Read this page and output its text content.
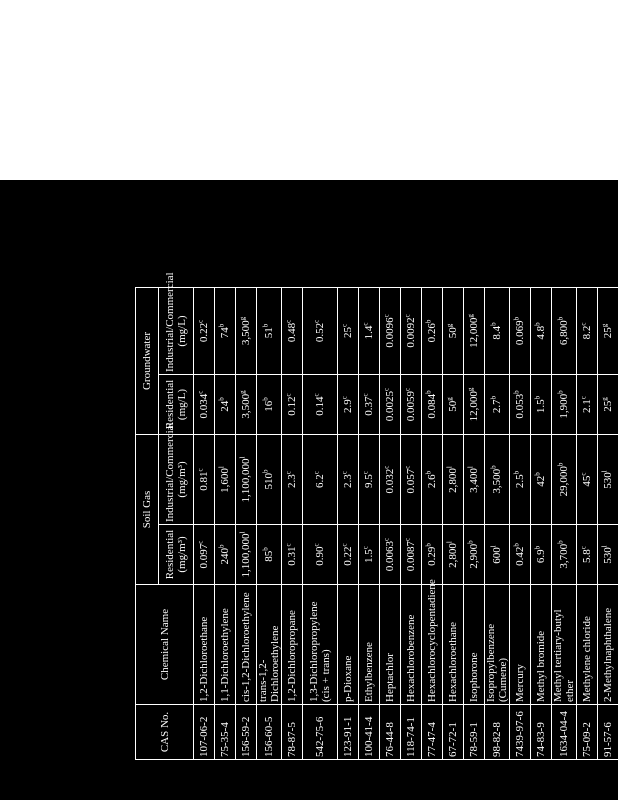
CAS No.	Chemical Name	Soil Gas		Groundwater	
		Residential (mg/m³)	Industrial/Commercial (mg/m³)	Residential (mg/L)	Industrial/Commercial (mg/L)
107-06-2	1,2-Dichloroethane	0.097$^c$	0.81$^c$	0.034$^c$	0.22$^c$
75-35-4	1,1-Dichloroethylene	240$^b$	1,600$^l$	24$^b$	74$^b$
156-59-2	cis-1,2-Dichloroethylene	1,100,000$^l$	1,100,000$^l$	3,500$^g$	3,500$^g$
156-60-5	trans-1,2-Dichloroethylene	85$^b$	510$^b$	16$^b$	51$^b$
78-87-5	1,2-Dichloropropane	0.31$^c$	2.3$^c$	0.12$^c$	0.48$^c$
542-75-6	1,3-Dichloropropylene (cis + trans)	0.90$^c$	6.2$^c$	0.14$^c$	0.52$^c$
123-91-1	p-Dioxane	0.22$^c$	2.3$^c$	2.9$^c$	25$^c$
100-41-4	Ethylbenzene	1.5$^c$	9.5$^c$	0.37$^c$	1.4$^c$
76-44-8	Heptachlor	0.0063$^c$	0.032$^c$	0.0025$^c$	0.0096$^c$
118-74-1	Hexachlorobenzene	0.0087$^c$	0.057$^c$	0.0059$^c$	0.0092$^c$
77-47-4	Hexachlorocyclopentadiene	0.29$^b$	2.6$^b$	0.084$^b$	0.26$^b$
67-72-1	Hexachloroethane	2,800$^l$	2,800$^l$	50$^g$	50$^g$
78-59-1	Isophorone	2,900$^b$	3,400$^l$	12,000$^g$	12,000$^g$
98-82-8	Isopropylbenzene (Cumene)	600$^l$	3,500$^b$	2.7$^b$	8.4$^b$
7439-97-6	Mercury	0.42$^b$	2.5$^b$	0.053$^b$	0.069$^b$
74-83-9	Methyl bromide	6.9$^b$	42$^b$	1.5$^b$	4.8$^b$
1634-04-4	Methyl tertiary-butyl ether	3,700$^b$	29,000$^b$	1,900$^b$	6,800$^b$
75-09-2	Methylene chloride	5.8$^c$	45$^c$	2.1$^c$	8.2$^c$
91-57-6	2-Methylnaphthalene	530$^l$	530$^l$	25$^g$	25$^g$
95-48-7	2-Methylphenol (o-cresol)	600$^b$	1,800$^l$	26,000$^g$	26,000$^g$
